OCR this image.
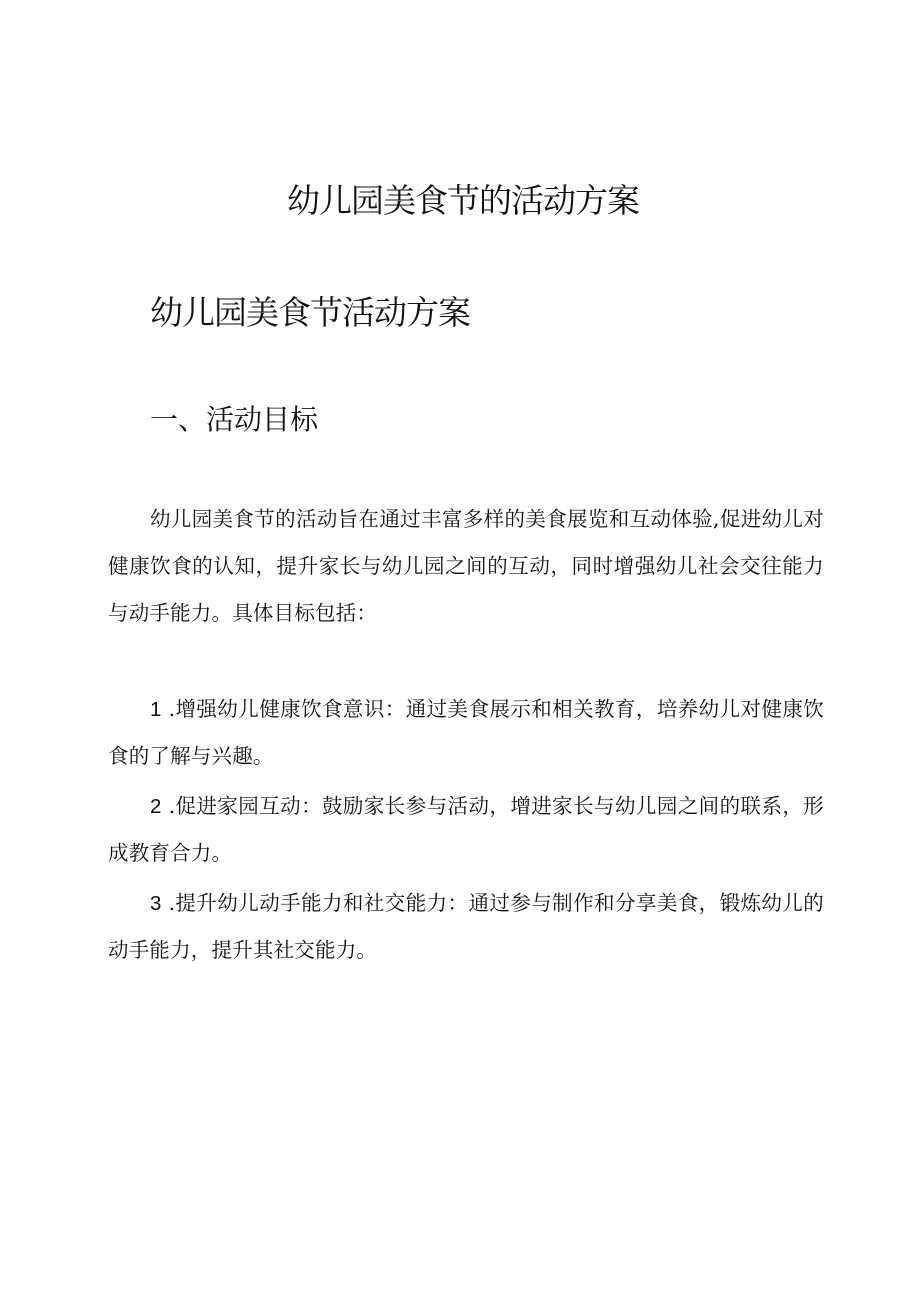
幼儿园美食节的活动方案
幼儿园美食节活动方案
一、活动目标

幼儿园美食节的活动旨在通过丰富多样的美食展览和互动体验,促进幼儿对健康饮食的认知，提升家长与幼儿园之间的互动，同时增强幼儿社会交往能力与动手能力。具体目标包括：

1 .增强幼儿健康饮食意识：通过美食展示和相关教育，培养幼儿对健康饮食的了解与兴趣。

2 .促进家园互动：鼓励家长参与活动，增进家长与幼儿园之间的联系，形成教育合力。

3 .提升幼儿动手能力和社交能力：通过参与制作和分享美食，锻炼幼儿的动手能力，提升其社交能力。
